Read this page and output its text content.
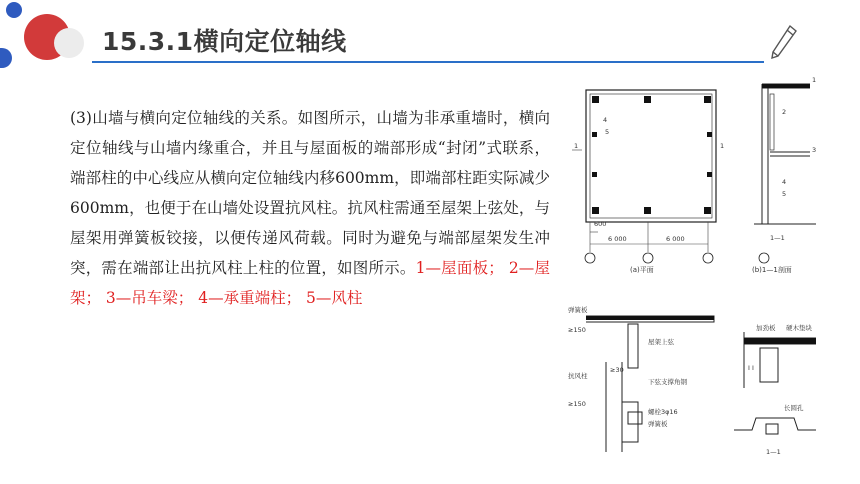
15.3.1横向定位轴线
(3)山墙与横向定位轴线的关系。如图所示，山墙为非承重墙时，横向定位轴线与山墙内缘重合，并且与屋面板的端部形成“封闭”式联系，端部柱的中心线应从横向定位轴线内移600mm，即端部柱距实际减少600mm，也便于在山墙处设置抗风柱。抗风柱需通至屋架上弦处，与屋架用弹簧板铰接，以便传递风荷载。同时为避免与端部屋架发生冲突，需在端部让出抗风柱上柱的位置，如图所示。1—屋面板； 2—屋架； 3—吊车梁； 4—承重端柱； 5—风柱
600
6 000	6 000
4
5
1	1
(a)平面
1
2
3
4
5
1—1
(b)1—1剖面
弹簧板
屋架上弦
抗风柱
下弦支撑角钢
螺栓3φ16
弹簧板
≥150
≥30
≥150
加劲板 硬木垫块
长圆孔
I I
1—1
